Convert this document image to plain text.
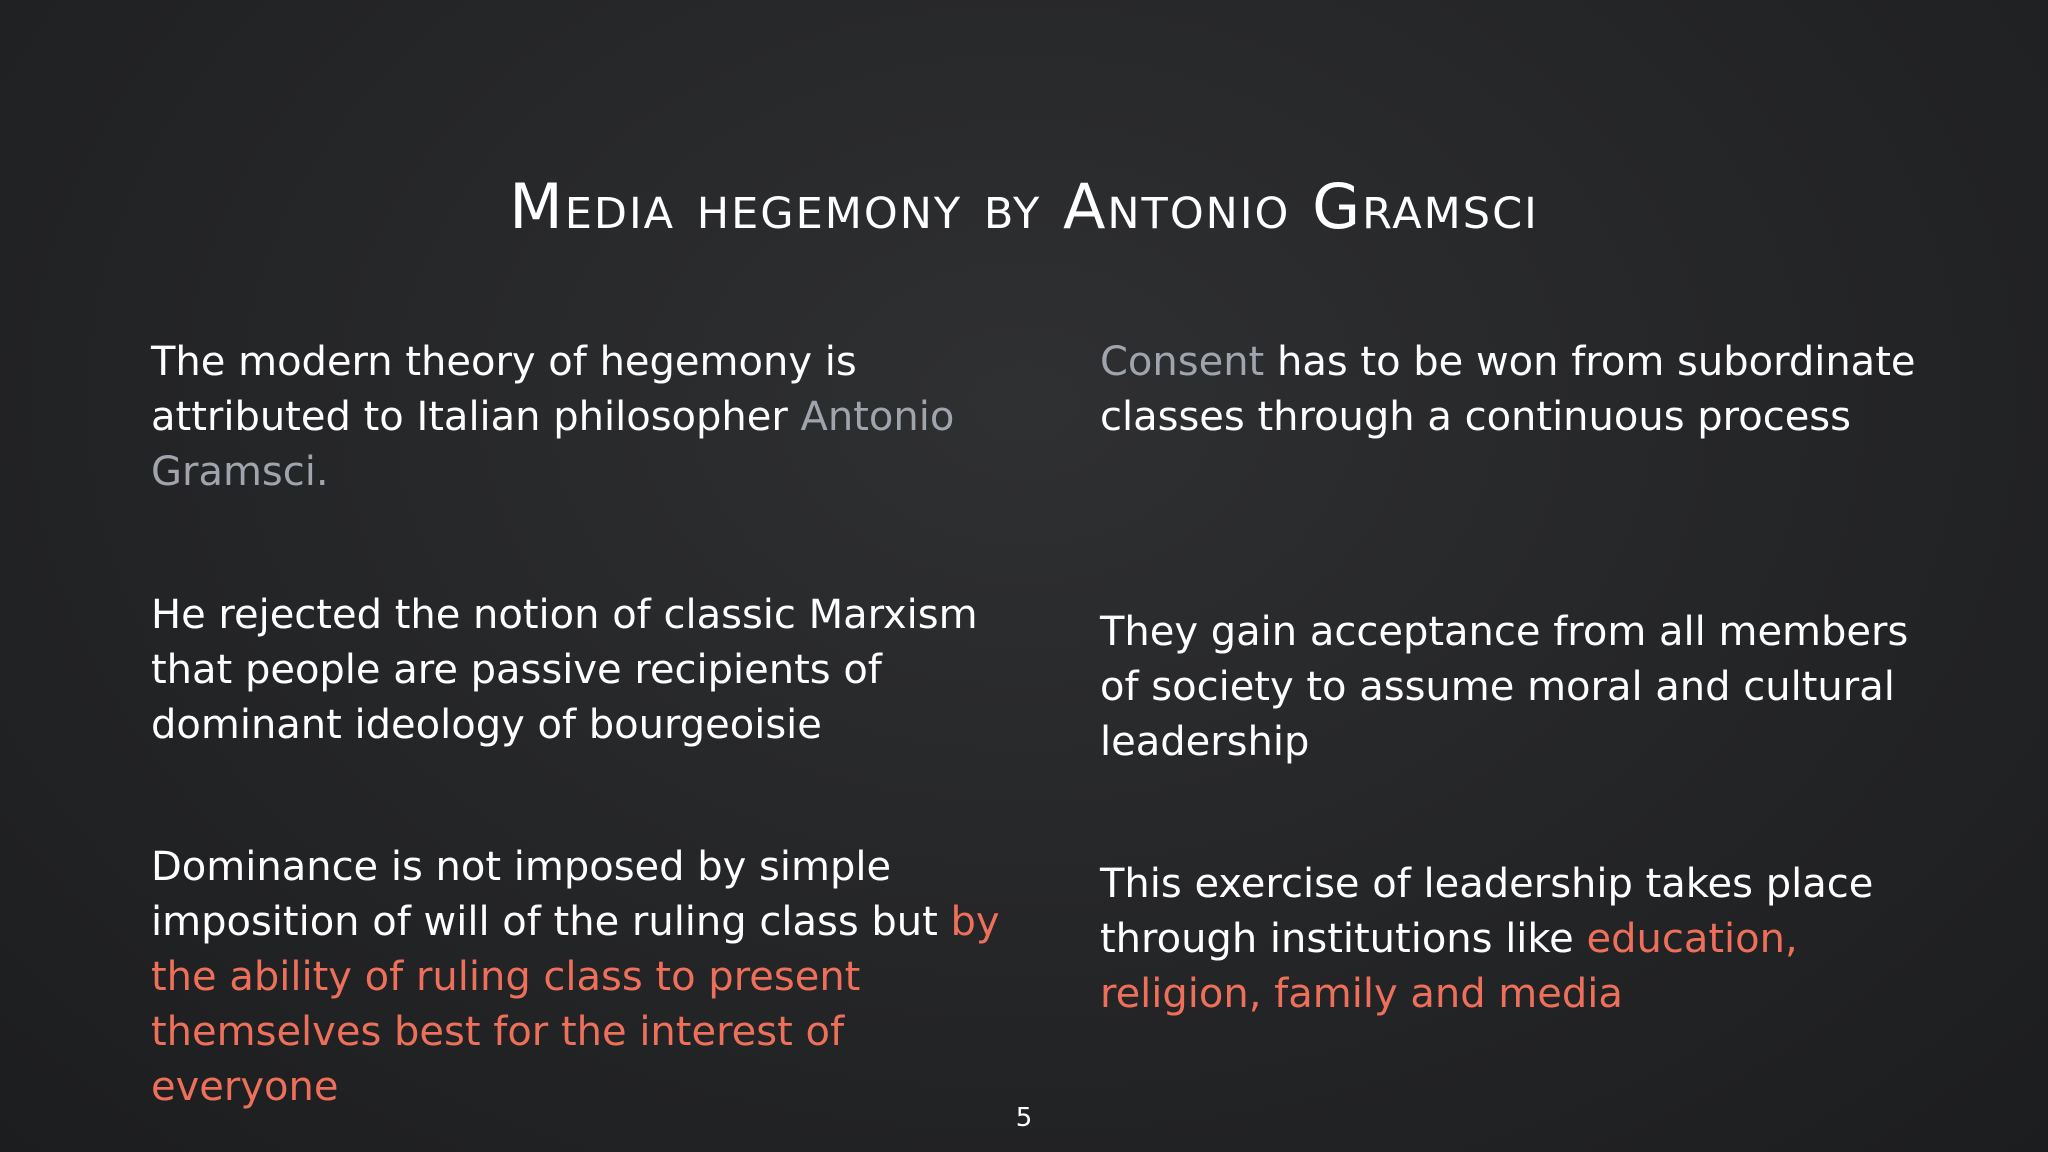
Media hegemony by Antonio Gramsci

The modern theory of hegemony is attributed to Italian philosopher Antonio Gramsci.

He rejected the notion of classic Marxism that people are passive recipients of dominant ideology of bourgeoisie

Dominance is not imposed by simple imposition of will of the ruling class but by the ability of ruling class to present themselves best for the interest of everyone

Consent has to be won from subordinate classes through a continuous process

They gain acceptance from all members of society to assume moral and cultural leadership

This exercise of leadership takes place through institutions like education, religion, family and media

5
